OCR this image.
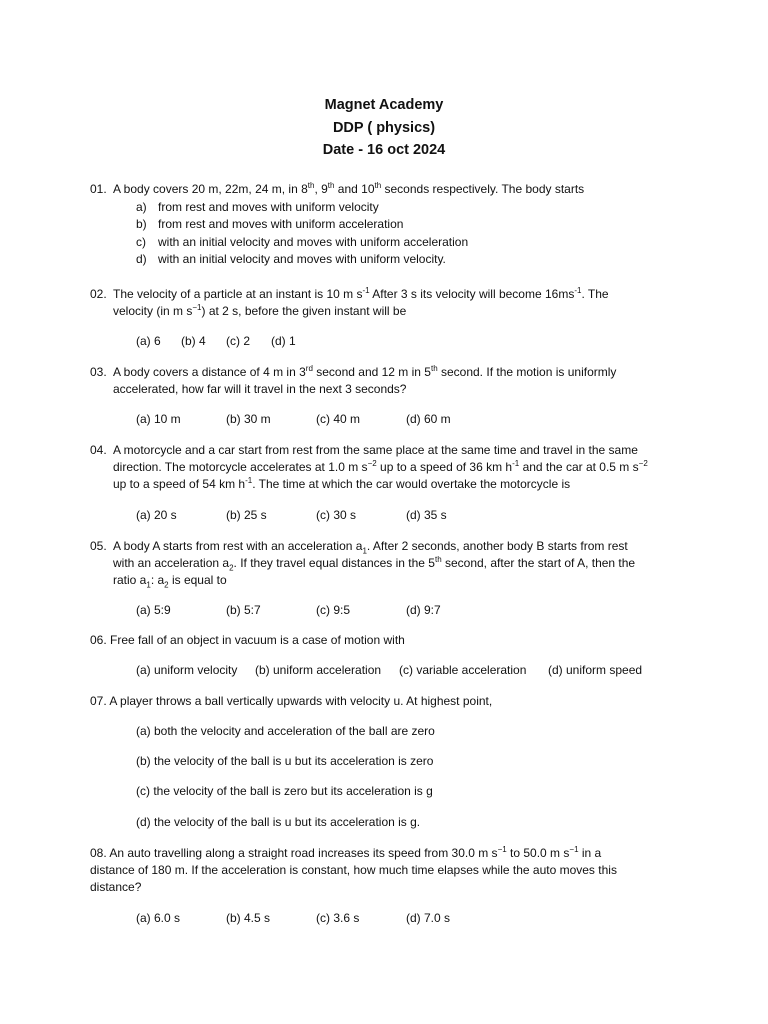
Magnet Academy
DDP ( physics)
Date - 16 oct 2024
01. A body covers 20 m, 22m, 24 m, in 8th, 9th and 10th seconds respectively. The body starts
a) from rest and moves with uniform velocity
b) from rest and moves with uniform acceleration
c) with an initial velocity and moves with uniform acceleration
d) with an initial velocity and moves with uniform velocity.
02. The velocity of a particle at an instant is 10 m $s^{-1}$ After 3 s its velocity will become $16ms^{-1}$. The
velocity (in m $s^{-1}$) at 2 s, before the given instant will be
(a) 6 (b) 4 (c) 2 (d) 1
03. A body covers a distance of 4 m in 3rd second and 12 m in 5th second. If the motion is uniformly
accelerated, how far will it travel in the next 3 seconds?
(a) 10 m	(b) 30 m	(c) 40 m	(d) 60 m
04. A motorcycle and a car start from rest from the same place at the same time and travel in the same
direction. The motorcycle accelerates at 1.0 m $s^{-2}$ up to a speed of 36 km $h^{-1}$ and the car at 0.5 m $s^{-2}$
up to a speed of 54 km $h^{-1}$. The time at which the car would overtake the motorcycle is
(a) 20 s	(b) 25 s	(c) 30 s	(d) 35 s
05. A body A starts from rest with an acceleration $a_1$. After 2 seconds, another body B starts from rest
with an acceleration $a_2$. If they travel equal distances in the 5th second, after the start of A, then the
ratio $a_1$: $a_2$ is equal to
(a) 5:9	(b) 5:7	(c) 9:5	(d) 9:7
06. Free fall of an object in vacuum is a case of motion with
(a) uniform velocity (b) uniform acceleration (c) variable acceleration (d) uniform speed
07. A player throws a ball vertically upwards with velocity u. At highest point,
(a) both the velocity and acceleration of the ball are zero
(b) the velocity of the ball is u but its acceleration is zero
(c) the velocity of the ball is zero but its acceleration is g
(d) the velocity of the ball is u but its acceleration is g.
08. An auto travelling along a straight road increases its speed from 30.0 m $s^{-1}$ to 50.0 m $s^{-1}$ in a
distance of 180 m. If the acceleration is constant, how much time elapses while the auto moves this
distance?
(a) 6.0 s	(b) 4.5 s	(c) 3.6 s	(d) 7.0 s
